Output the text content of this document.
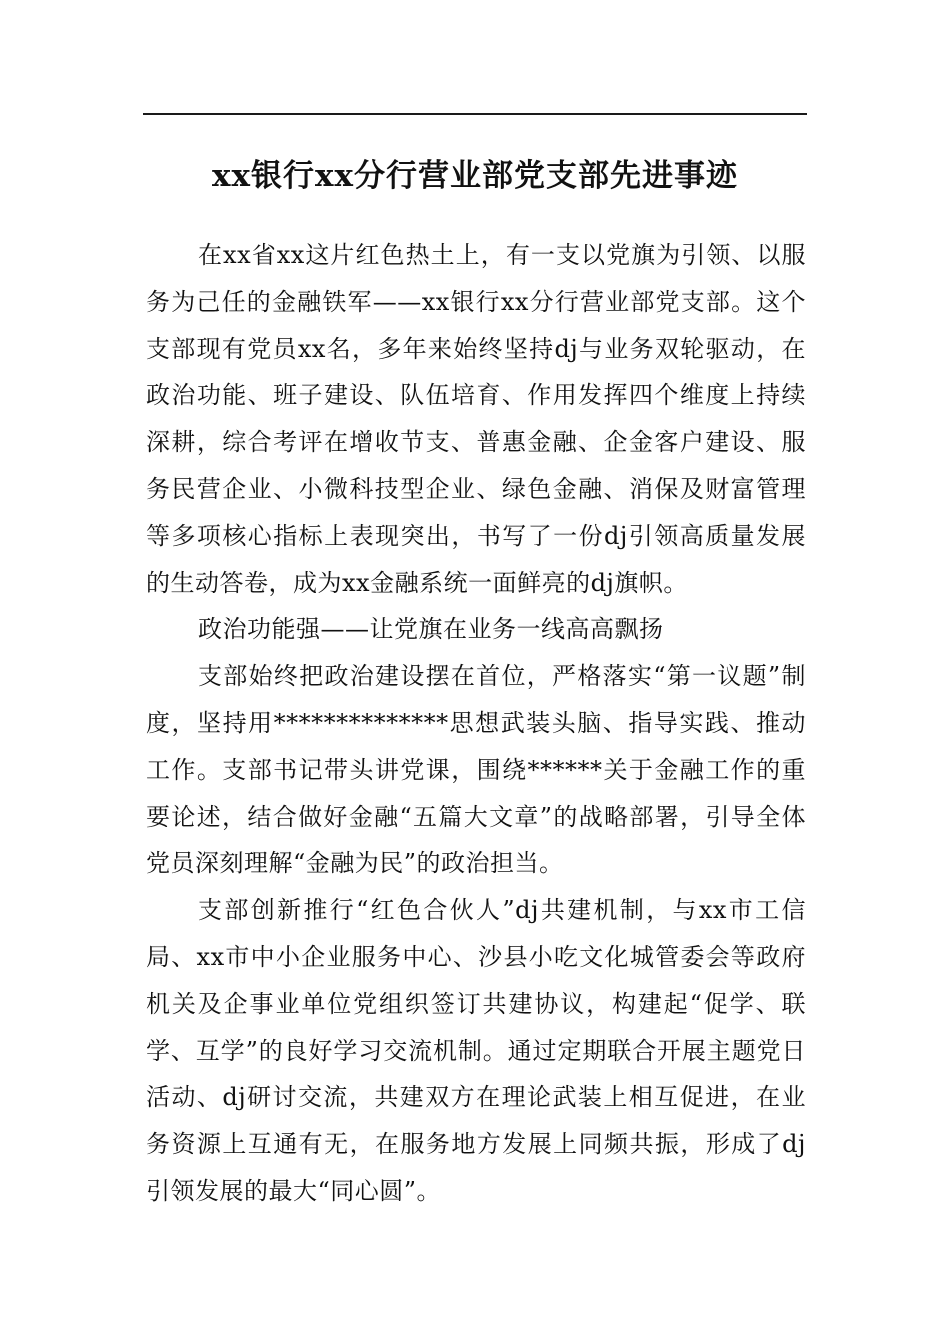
xx银行xx分行营业部党支部先进事迹

在xx省xx这片红色热土上，有一支以党旗为引领、以服务为己任的金融铁军——xx银行xx分行营业部党支部。这个支部现有党员xx名，多年来始终坚持dj与业务双轮驱动，在政治功能、班子建设、队伍培育、作用发挥四个维度上持续深耕，综合考评在增收节支、普惠金融、企金客户建设、服务民营企业、小微科技型企业、绿色金融、消保及财富管理等多项核心指标上表现突出，书写了一份dj引领高质量发展的生动答卷，成为xx金融系统一面鲜亮的dj旗帜。

政治功能强——让党旗在业务一线高高飘扬

支部始终把政治建设摆在首位，严格落实“第一议题”制度，坚持用**************思想武装头脑、指导实践、推动工作。支部书记带头讲党课，围绕******关于金融工作的重要论述，结合做好金融“五篇大文章”的战略部署，引导全体党员深刻理解“金融为民”的政治担当。

支部创新推行“红色合伙人”dj共建机制，与xx市工信局、xx市中小企业服务中心、沙县小吃文化城管委会等政府机关及企事业单位党组织签订共建协议，构建起“促学、联学、互学”的良好学习交流机制。通过定期联合开展主题党日活动、dj研讨交流，共建双方在理论武装上相互促进，在业务资源上互通有无，在服务地方发展上同频共振，形成了dj引领发展的最大“同心圆”。
